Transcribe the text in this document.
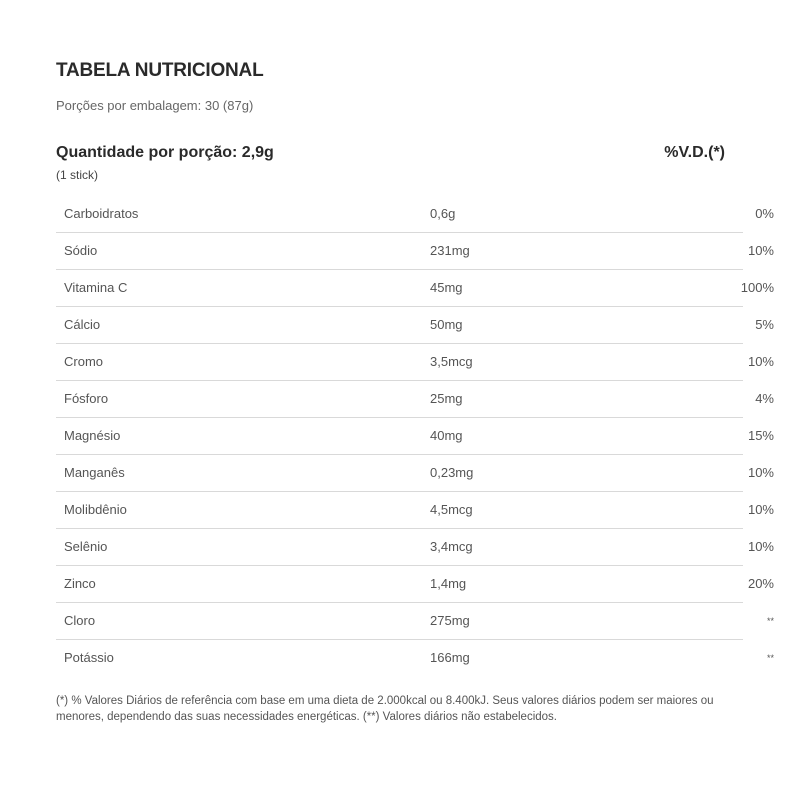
TABELA NUTRICIONAL
Porções por embalagem: 30 (87g)
Quantidade por porção: 2,9g
(1 stick)
%V.D.(*)
Carboidratos	0,6g	0%
Sódio	231mg	10%
Vitamina C	45mg	100%
Cálcio	50mg	5%
Cromo	3,5mcg	10%
Fósforo	25mg	4%
Magnésio	40mg	15%
Manganês	0,23mg	10%
Molibdênio	4,5mcg	10%
Selênio	3,4mcg	10%
Zinco	1,4mg	20%
Cloro	275mg	**
Potássio	166mg	**
(*) % Valores Diários de referência com base em uma dieta de 2.000kcal ou 8.400kJ. Seus valores diários podem ser maiores ou menores, dependendo das suas necessidades energéticas. (**) Valores diários não estabelecidos.
